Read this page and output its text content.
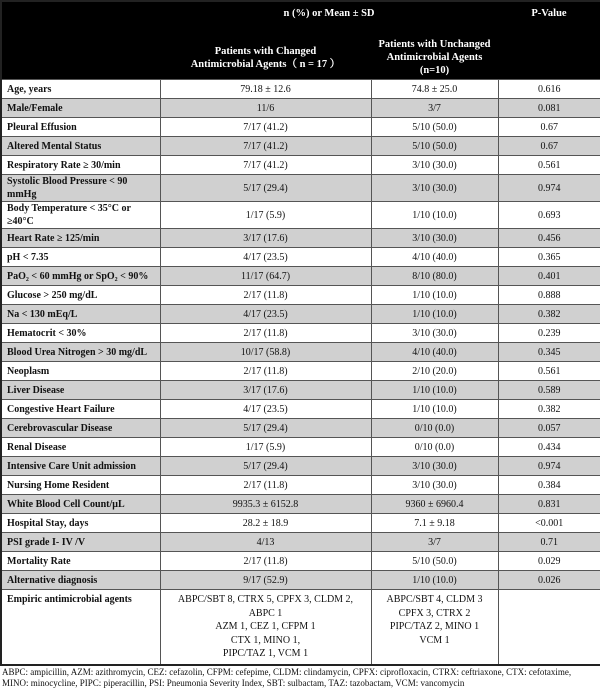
	n (%) or Mean ± SD		P-Value

	Patients with Changed
Antimicrobial Agents（ n = 17 ）	Patients with Unchanged
Antimicrobial Agents (n=10)	

Age, years	79.18 ± 12.6	74.8 ± 25.0	0.616
Male/Female	11/6	3/7	0.081
Pleural Effusion	7/17 (41.2)	5/10 (50.0)	0.67
Altered Mental Status	7/17 (41.2)	5/10 (50.0)	0.67
Respiratory Rate ≥ 30/min	7/17 (41.2)	3/10 (30.0)	0.561
Systolic Blood Pressure < 90 mmHg	5/17 (29.4)	3/10 (30.0)	0.974
Body Temperature < 35°C or ≥40°C	1/17 (5.9)	1/10 (10.0)	0.693
Heart Rate ≥ 125/min	3/17 (17.6)	3/10 (30.0)	0.456
pH < 7.35	4/17 (23.5)	4/10 (40.0)	0.365
PaO₂ < 60 mmHg or SpO₂ < 90%	11/17 (64.7)	8/10 (80.0)	0.401
Glucose > 250 mg/dL	2/17 (11.8)	1/10 (10.0)	0.888
Na < 130 mEq/L	4/17 (23.5)	1/10 (10.0)	0.382
Hematocrit < 30%	2/17 (11.8)	3/10 (30.0)	0.239
Blood Urea Nitrogen > 30 mg/dL	10/17 (58.8)	4/10 (40.0)	0.345
Neoplasm	2/17 (11.8)	2/10 (20.0)	0.561
Liver Disease	3/17 (17.6)	1/10 (10.0)	0.589
Congestive Heart Failure	4/17 (23.5)	1/10 (10.0)	0.382
Cerebrovascular Disease	5/17 (29.4)	0/10 (0.0)	0.057
Renal Disease	1/17 (5.9)	0/10 (0.0)	0.434
Intensive Care Unit admission	5/17 (29.4)	3/10 (30.0)	0.974
Nursing Home Resident	2/17 (11.8)	3/10 (30.0)	0.384
White Blood Cell Count/μL	9935.3 ± 6152.8	9360 ± 6960.4	0.831
Hospital Stay, days	28.2 ± 18.9	7.1 ± 9.18	<0.001
PSI grade I- IV /V	4/13	3/7	0.71
Mortality Rate	2/17 (11.8)	5/10 (50.0)	0.029
Alternative diagnosis	9/17 (52.9)	1/10 (10.0)	0.026
Empiric antimicrobial agents	ABPC/SBT 8, CTRX 5, CPFX 3, CLDM 2, ABPC 1
AZM 1, CEZ 1, CFPM 1
CTX 1, MINO 1,
PIPC/TAZ 1, VCM 1	ABPC/SBT 4, CLDM 3
CPFX 3, CTRX 2
PIPC/TAZ 2, MINO 1
VCM 1	

ABPC: ampicillin, AZM: azithromycin, CEZ: cefazolin, CFPM: cefepime, CLDM: clindamycin, CPFX: ciprofloxacin, CTRX: ceftriaxone, CTX: cefotaxime, MINO: minocycline, PIPC: piperacillin, PSI: Pneumonia Severity Index, SBT: sulbactam, TAZ: tazobactam, VCM: vancomycin
